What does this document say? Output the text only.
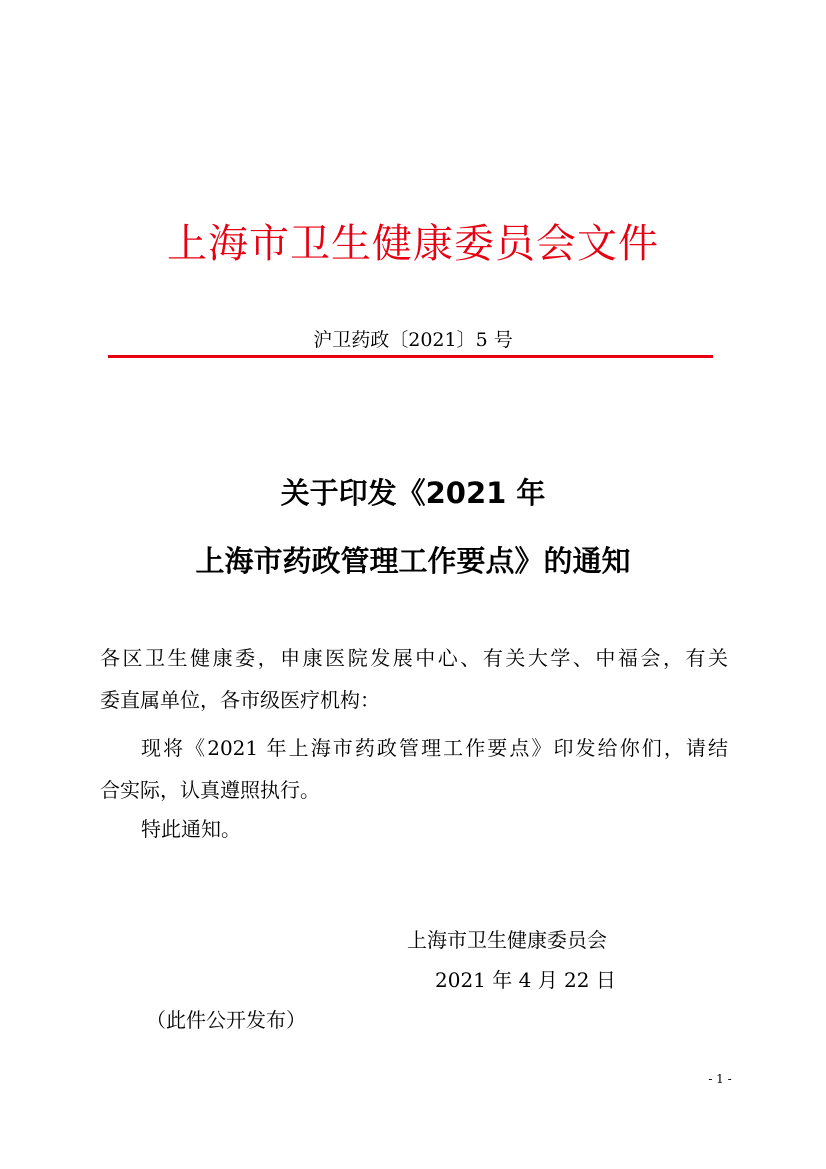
上海市卫生健康委员会文件
沪卫药政〔2021〕5 号
关于印发《2021 年
上海市药政管理工作要点》的通知
各区卫生健康委，申康医院发展中心、有关大学、中福会，有关
委直属单位，各市级医疗机构：
现将《2021 年上海市药政管理工作要点》印发给你们，请结
合实际，认真遵照执行。
特此通知。
上海市卫生健康委员会
2021 年 4 月 22 日
（此件公开发布）
- 1 -
